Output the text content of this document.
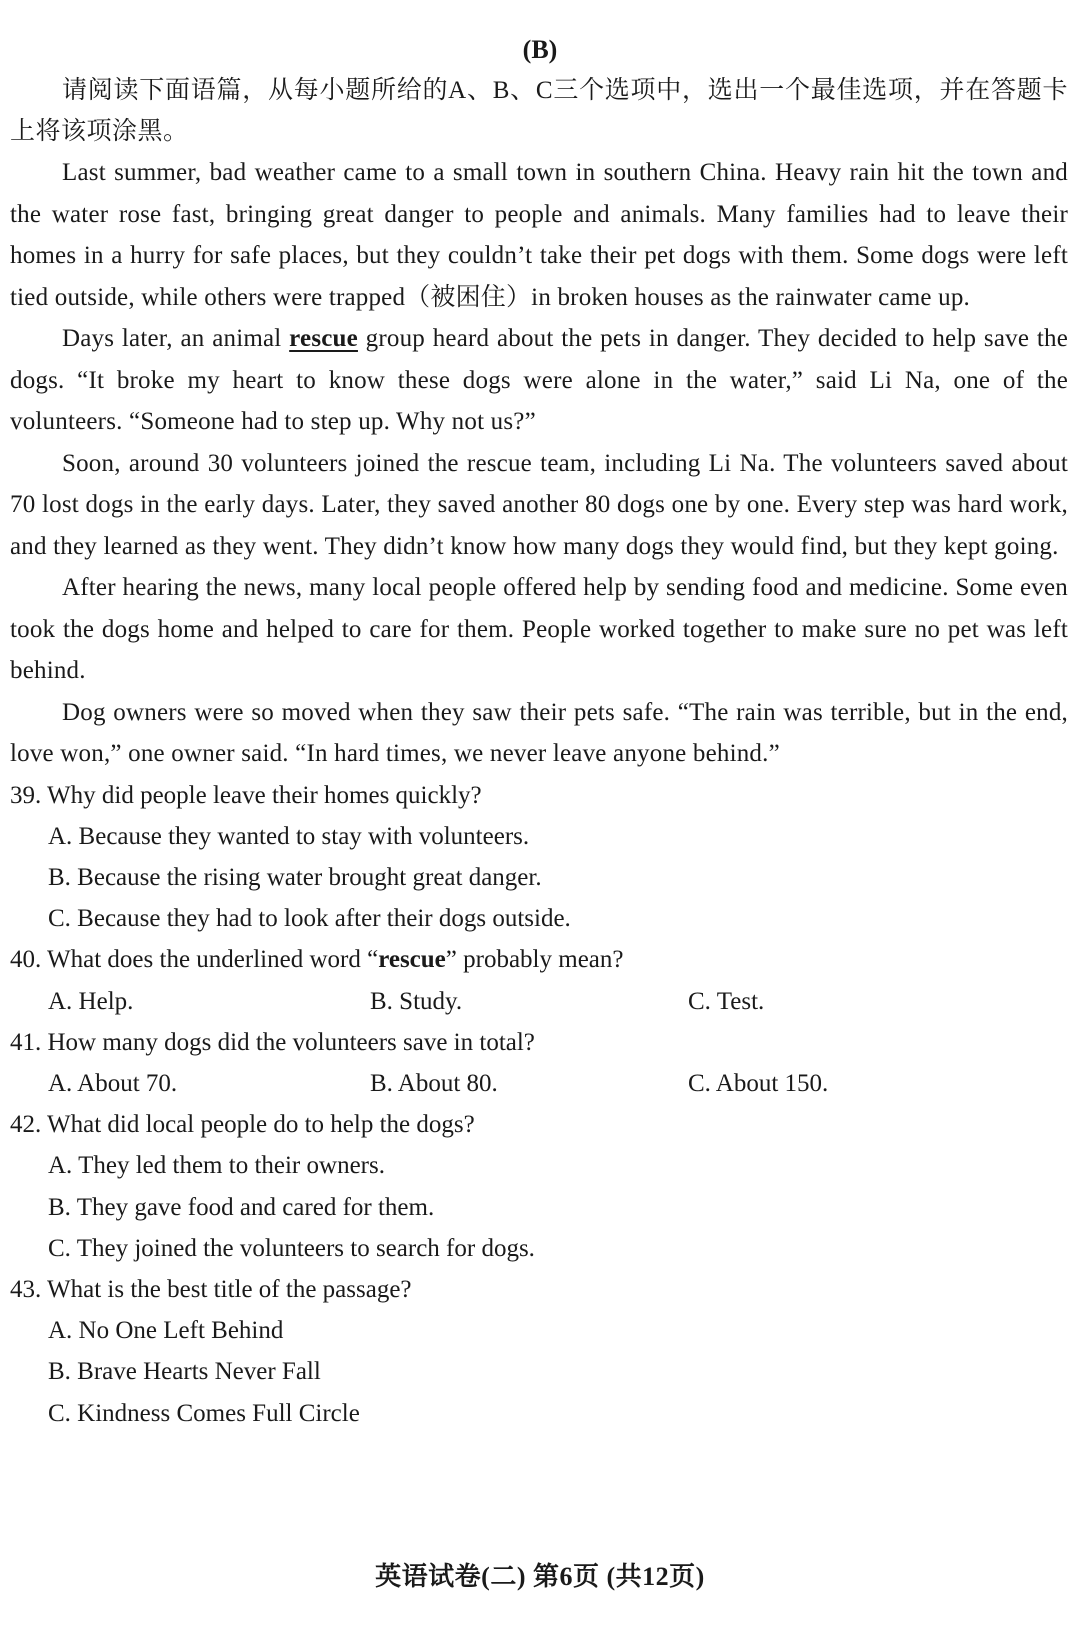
(B)

请阅读下面语篇，从每小题所给的A、B、C三个选项中，选出一个最佳选项，并在答题卡上将该项涂黑。

Last summer, bad weather came to a small town in southern China. Heavy rain hit the town and the water rose fast, bringing great danger to people and animals. Many families had to leave their homes in a hurry for safe places, but they couldn’t take their pet dogs with them. Some dogs were left tied outside, while others were trapped（被困住）in broken houses as the rainwater came up.

Days later, an animal rescue group heard about the pets in danger. They decided to help save the dogs. “It broke my heart to know these dogs were alone in the water,” said Li Na, one of the volunteers. “Someone had to step up. Why not us?”

Soon, around 30 volunteers joined the rescue team, including Li Na. The volunteers saved about 70 lost dogs in the early days. Later, they saved another 80 dogs one by one. Every step was hard work, and they learned as they went. They didn’t know how many dogs they would find, but they kept going.

After hearing the news, many local people offered help by sending food and medicine. Some even took the dogs home and helped to care for them. People worked together to make sure no pet was left behind.

Dog owners were so moved when they saw their pets safe. “The rain was terrible, but in the end, love won,” one owner said. “In hard times, we never leave anyone behind.”

39. Why did people leave their homes quickly?

A. Because they wanted to stay with volunteers.

B. Because the rising water brought great danger.

C. Because they had to look after their dogs outside.

40. What does the underlined word “rescue” probably mean?

A. Help.	B. Study.	C. Test.

41. How many dogs did the volunteers save in total?

A. About 70.	B. About 80.	C. About 150.

42. What did local people do to help the dogs?

A. They led them to their owners.

B. They gave food and cared for them.

C. They joined the volunteers to search for dogs.

43. What is the best title of the passage?

A. No One Left Behind

B. Brave Hearts Never Fall

C. Kindness Comes Full Circle

英语试卷(二) 第6页 (共12页)
